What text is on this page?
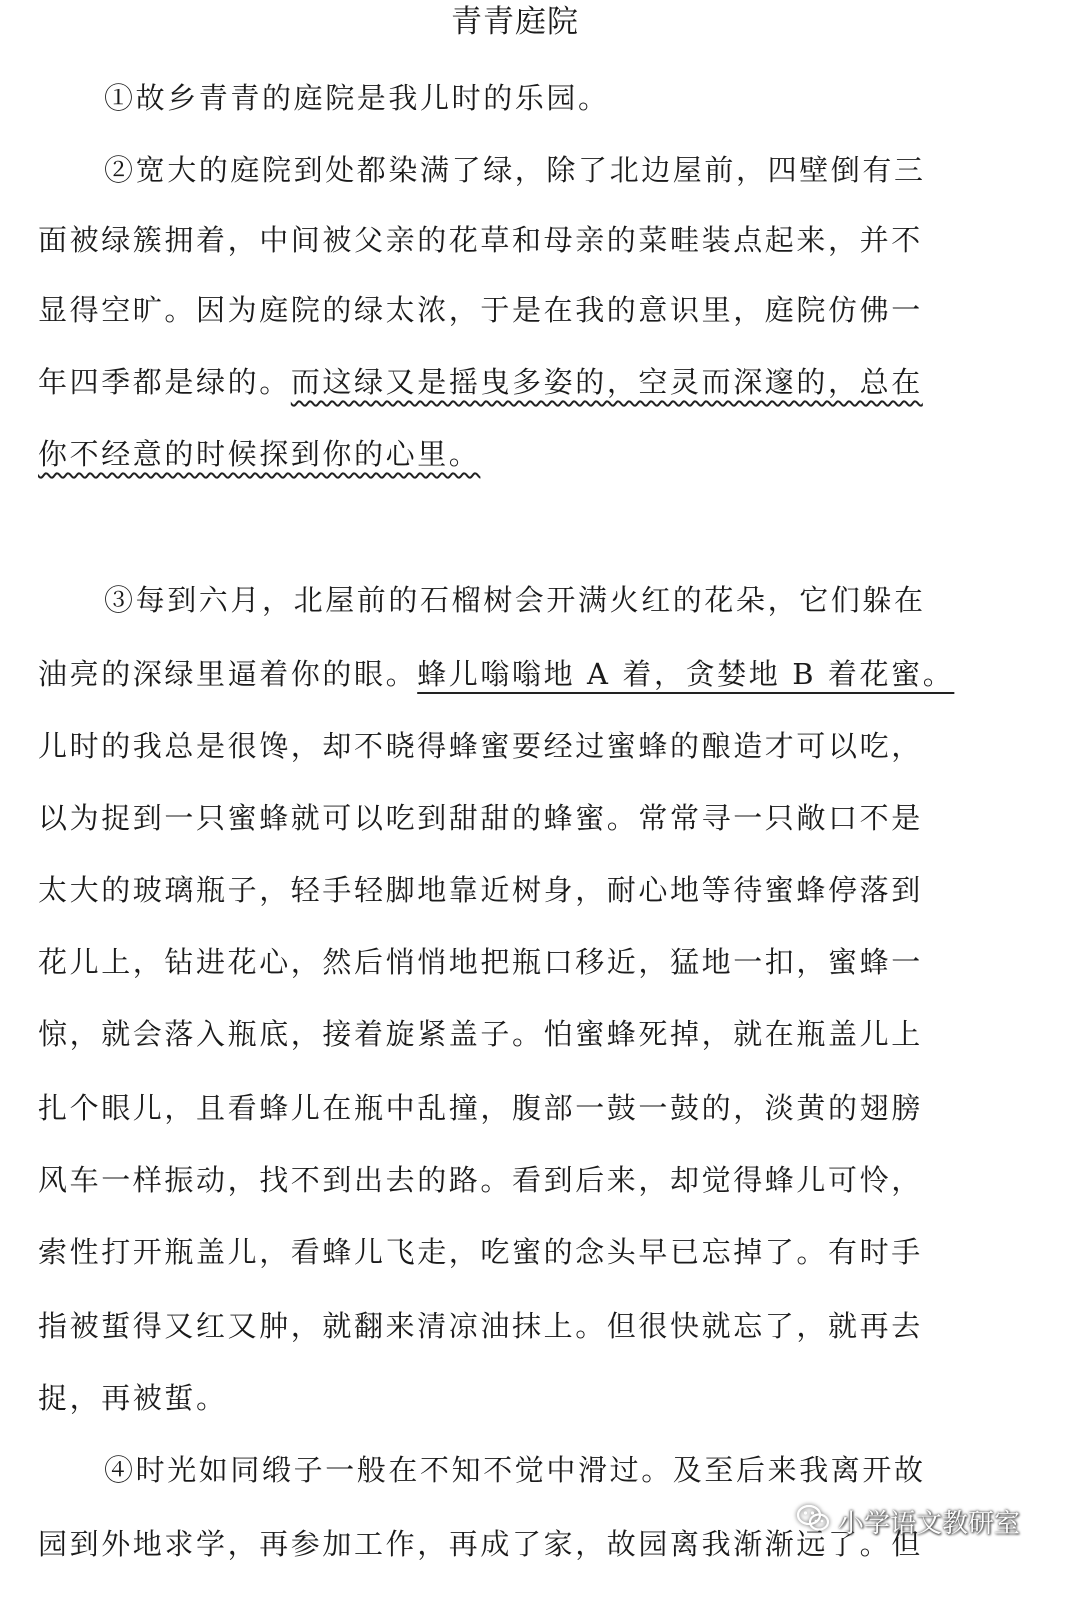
青青庭院
①故乡青青的庭院是我儿时的乐园。
②宽大的庭院到处都染满了绿，除了北边屋前，四壁倒有三
面被绿簇拥着，中间被父亲的花草和母亲的菜畦装点起来，并不
显得空旷。因为庭院的绿太浓，于是在我的意识里，庭院仿佛一
年四季都是绿的。而这绿又是摇曳多姿的，空灵而深邃的，总在
你不经意的时候探到你的心里。
③每到六月，北屋前的石榴树会开满火红的花朵，它们躲在
油亮的深绿里逼着你的眼。蜂儿嗡嗡地 A 着，贪婪地 B 着花蜜。
儿时的我总是很馋，却不晓得蜂蜜要经过蜜蜂的酿造才可以吃，
以为捉到一只蜜蜂就可以吃到甜甜的蜂蜜。常常寻一只敞口不是
太大的玻璃瓶子，轻手轻脚地靠近树身，耐心地等待蜜蜂停落到
花儿上，钻进花心，然后悄悄地把瓶口移近，猛地一扣，蜜蜂一
惊，就会落入瓶底，接着旋紧盖子。怕蜜蜂死掉，就在瓶盖儿上
扎个眼儿，且看蜂儿在瓶中乱撞，腹部一鼓一鼓的，淡黄的翅膀
风车一样振动，找不到出去的路。看到后来，却觉得蜂儿可怜，
索性打开瓶盖儿，看蜂儿飞走，吃蜜的念头早已忘掉了。有时手
指被蜇得又红又肿，就翻来清凉油抹上。但很快就忘了，就再去
捉，再被蜇。
④时光如同缎子一般在不知不觉中滑过。及至后来我离开故
园到外地求学，再参加工作，再成了家，故园离我渐渐远了。但
小学语文教研室
